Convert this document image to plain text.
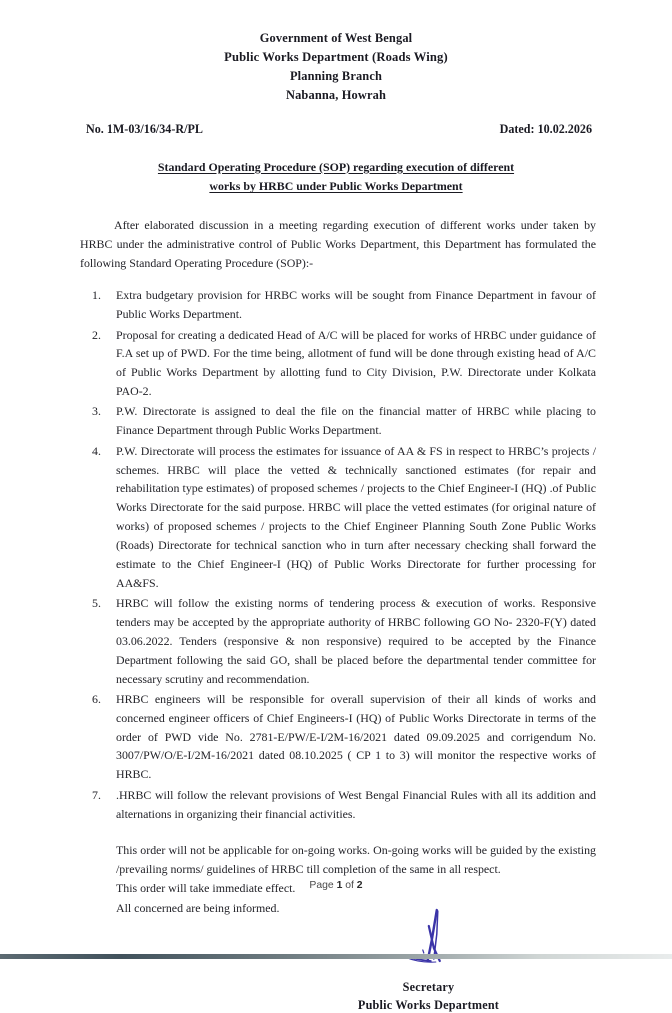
Government of West Bengal
Public Works Department (Roads Wing)
Planning Branch
Nabanna, Howrah
No. 1M-03/16/34-R/PL	Dated: 10.02.2026
Standard Operating Procedure (SOP) regarding execution of different
works by HRBC under Public Works Department

After elaborated discussion in a meeting regarding execution of different works under taken by HRBC under the administrative control of Public Works Department, this Department has formulated the following Standard Operating Procedure (SOP):-

Extra budgetary provision for HRBC works will be sought from Finance Department in favour of Public Works Department.
Proposal for creating a dedicated Head of A/C will be placed for works of HRBC under guidance of F.A set up of PWD. For the time being, allotment of fund will be done through existing head of A/C of Public Works Department by allotting fund to City Division, P.W. Directorate under Kolkata PAO-2.
P.W. Directorate is assigned to deal the file on the financial matter of HRBC while placing to Finance Department through Public Works Department.
P.W. Directorate will process the estimates for issuance of AA & FS in respect to HRBC’s projects / schemes. HRBC will place the vetted & technically sanctioned estimates (for repair and rehabilitation type estimates) of proposed schemes / projects to the Chief Engineer-I (HQ) .of Public Works Directorate for the said purpose. HRBC will place the vetted estimates (for original nature of works) of proposed schemes / projects to the Chief Engineer Planning South Zone Public Works (Roads) Directorate for technical sanction who in turn after necessary checking shall forward the estimate to the Chief Engineer-I (HQ) of Public Works Directorate for further processing for AA&FS.
HRBC will follow the existing norms of tendering process & execution of works. Responsive tenders may be accepted by the appropriate authority of HRBC following GO No- 2320-F(Y) dated 03.06.2022. Tenders (responsive & non responsive) required to be accepted by the Finance Department following the said GO, shall be placed before the departmental tender committee for necessary scrutiny and recommendation.
HRBC engineers will be responsible for overall supervision of their all kinds of works and concerned engineer officers of Chief Engineers-I (HQ) of Public Works Directorate in terms of the order of PWD vide No. 2781-E/PW/E-I/2M-16/2021 dated 09.09.2025 and corrigendum No. 3007/PW/O/E-I/2M-16/2021 dated 08.10.2025 ( CP 1 to 3) will monitor the respective works of HRBC.
.HRBC will follow the relevant provisions of West Bengal Financial Rules with all its addition and alternations in organizing their financial activities.

This order will not be applicable for on-going works. On-going works will be guided by the existing /prevailing norms/ guidelines of HRBC till completion of the same in all respect.

This order will take immediate effect.

All concerned are being informed.

Secretary
Public Works Department
Page 1 of 2
